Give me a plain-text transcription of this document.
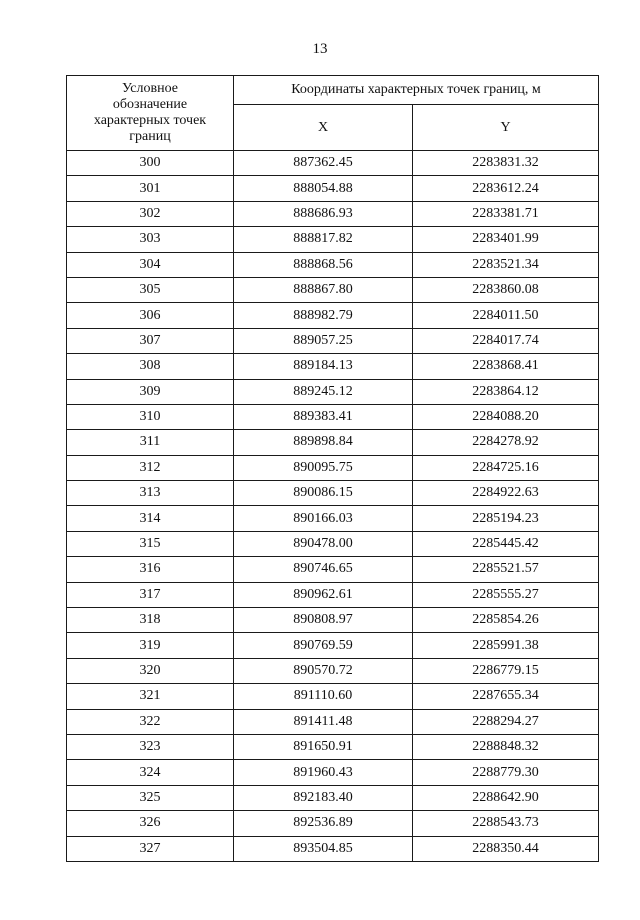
13
Условное
обозначение
характерных точек
границ	Координаты характерных точек границ, м	
	X	Y
300	887362.45	2283831.32
301	888054.88	2283612.24
302	888686.93	2283381.71
303	888817.82	2283401.99
304	888868.56	2283521.34
305	888867.80	2283860.08
306	888982.79	2284011.50
307	889057.25	2284017.74
308	889184.13	2283868.41
309	889245.12	2283864.12
310	889383.41	2284088.20
311	889898.84	2284278.92
312	890095.75	2284725.16
313	890086.15	2284922.63
314	890166.03	2285194.23
315	890478.00	2285445.42
316	890746.65	2285521.57
317	890962.61	2285555.27
318	890808.97	2285854.26
319	890769.59	2285991.38
320	890570.72	2286779.15
321	891110.60	2287655.34
322	891411.48	2288294.27
323	891650.91	2288848.32
324	891960.43	2288779.30
325	892183.40	2288642.90
326	892536.89	2288543.73
327	893504.85	2288350.44
